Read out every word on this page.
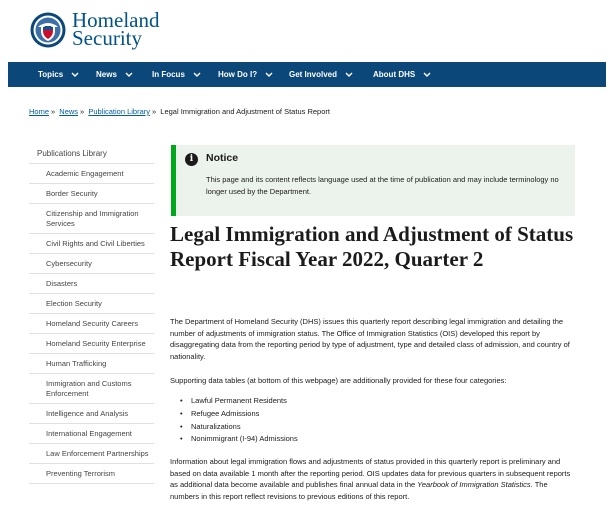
Homeland
Security
Topics	News	In Focus	How Do I?	Get Involved	About DHS
Home » News » Publication Library » Legal Immigration and Adjustment of Status Report
Publications Library
Academic Engagement
Border Security
Citizenship and Immigration Services
Civil Rights and Civil Liberties
Cybersecurity
Disasters
Election Security
Homeland Security Careers
Homeland Security Enterprise
Human Trafficking
Immigration and Customs Enforcement
Intelligence and Analysis
International Engagement
Law Enforcement Partnerships
Preventing Terrorism
i	Notice
This page and its content reflects language used at the time of publication and may include terminology no longer used by the Department.
Legal Immigration and Adjustment of Status Report Fiscal Year 2022, Quarter 2

The Department of Homeland Security (DHS) issues this quarterly report describing legal immigration and detailing the number of adjustments of immigration status. The Office of Immigration Statistics (OIS) developed this report by disaggregating data from the reporting period by type of adjustment, type and detailed class of admission, and country of nationality.

Supporting data tables (at bottom of this webpage) are additionally provided for these four categories:

• Lawful Permanent Residents
• Refugee Admissions
• Naturalizations
• Nonimmigrant (I-94) Admissions

Information about legal immigration flows and adjustments of status provided in this quarterly report is preliminary and based on data available 1 month after the reporting period. OIS updates data for previous quarters in subsequent reports as additional data become available and publishes final annual data in the Yearbook of Immigration Statistics. The numbers in this report reflect revisions to previous editions of this report.
